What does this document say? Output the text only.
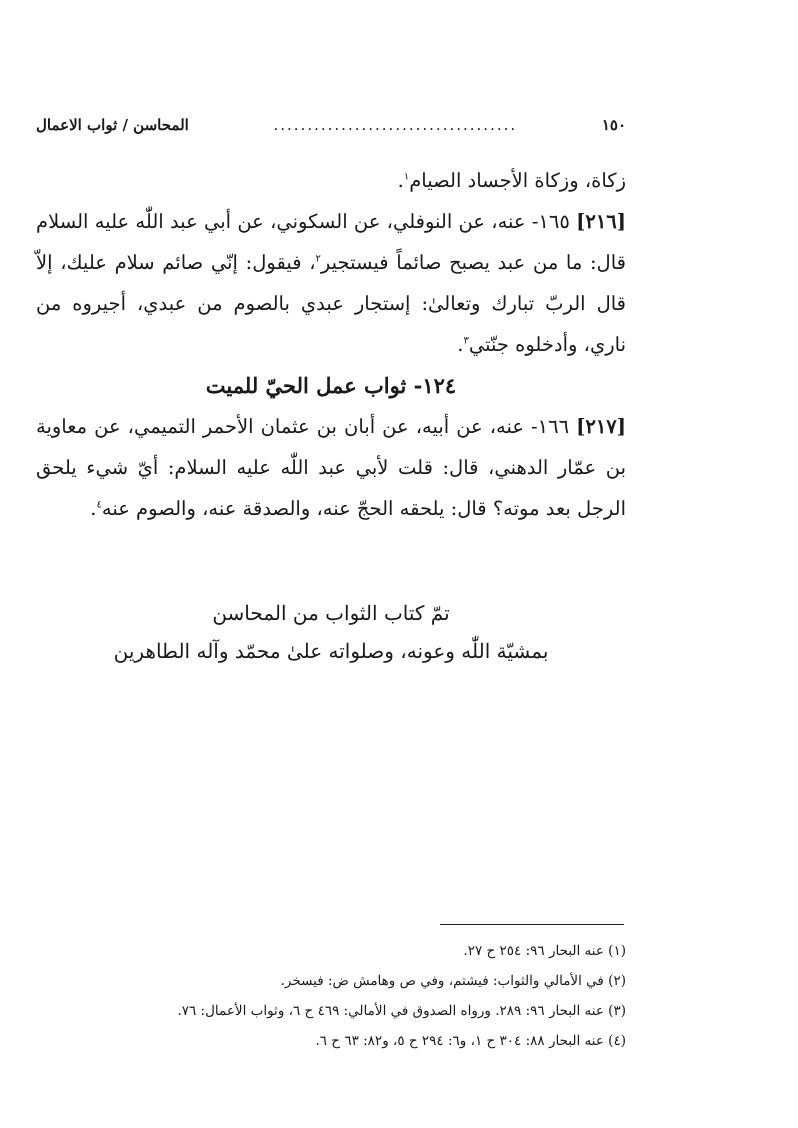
١٥٠
....................................
المحاسن / ثواب الاعمال

زكاة، وزكاة الأجساد الصيام$^١$.

[٢١٦] ١٦٥- عنه، عن النوفلي، عن السكوني، عن أبي عبد اللّٰه عليه السلام قال: ما من عبد يصبح صائماً فيستجير$^٢$، فيقول: إنّي صائم سلام عليك، إلاّ قال الربّ تبارك وتعالىٰ: إستجار عبدي بالصوم من عبدي، أجيروه من ناري، وأدخلوه جنّتي$^٣$.

١٢٤- ثواب عمل الحيّ للميت

[٢١٧] ١٦٦- عنه، عن أبيه، عن أبان بن عثمان الأحمر التميمي، عن معاوية بن عمّار الدهني، قال: قلت لأبي عبد اللّٰه عليه السلام: أيّ شيء يلحق الرجل بعد موته؟ قال: يلحقه الحجّ عنه، والصدقة عنه، والصوم عنه$^٤$.

تمّ كتاب الثواب من المحاسن

بمشيّة اللّٰه وعونه، وصلواته علىٰ محمّد وآله الطاهرين

(١) عنه البحار ٩٦: ٢٥٤ ح ٢٧.
(٢) في الأمالي والثواب: فيشتم، وفي ص وهامش ض: فيسخر.
(٣) عنه البحار ٩٦: ٢٨٩. ورواه الصدوق في الأمالي: ٤٦٩ ح ٦، وثواب الأعمال: ٧٦.
(٤) عنه البحار ٨٨: ٣٠٤ ح ١، و٦: ٢٩٤ ح ٥، و٨٢: ٦٣ ح ٦.
